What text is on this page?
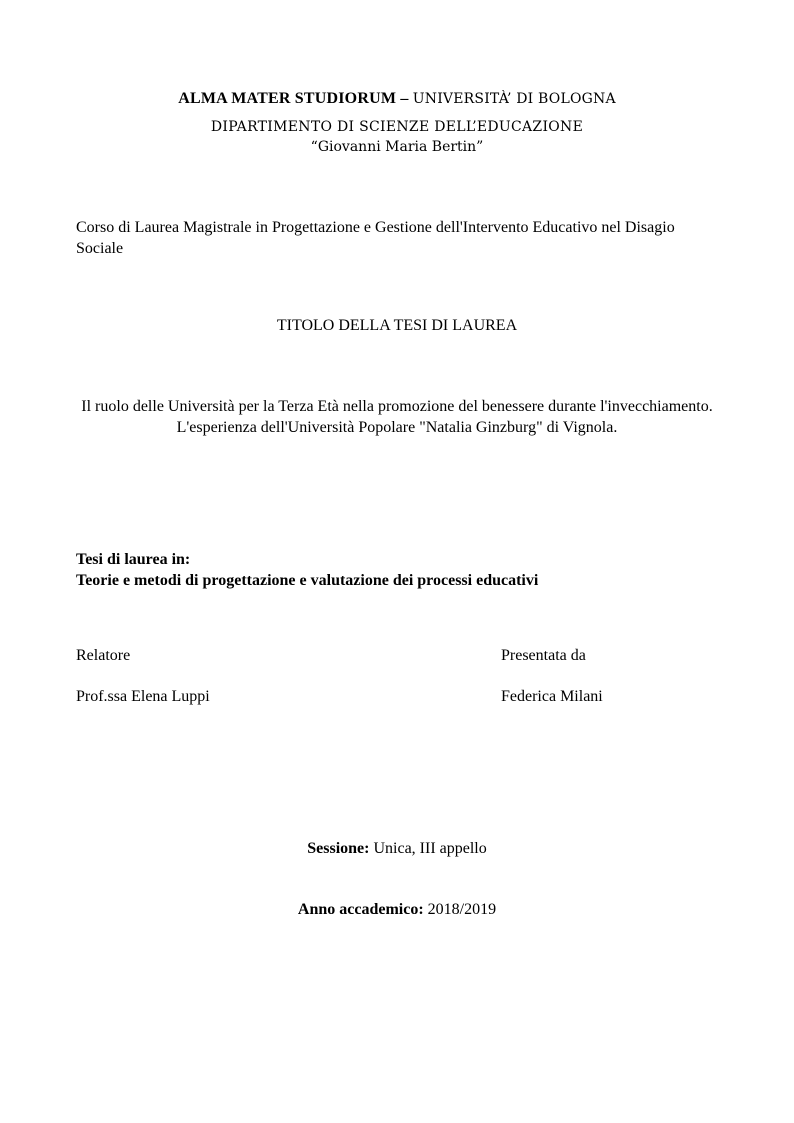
ALMA MATER STUDIORUM – UNIVERSITÀ’ DI BOLOGNA
DIPARTIMENTO DI SCIENZE DELL’EDUCAZIONE
“Giovanni Maria Bertin”
Corso di Laurea Magistrale in Progettazione e Gestione dell'Intervento Educativo nel Disagio Sociale
TITOLO DELLA TESI DI LAUREA
Il ruolo delle Università per la Terza Età nella promozione del benessere durante l'invecchiamento. L'esperienza dell'Università Popolare "Natalia Ginzburg" di Vignola.
Tesi di laurea in:
Teorie e metodi di progettazione e valutazione dei processi educativi
Relatore	Presentata da
Prof.ssa Elena Luppi	Federica Milani
Sessione: Unica, III appello
Anno accademico: 2018/2019
